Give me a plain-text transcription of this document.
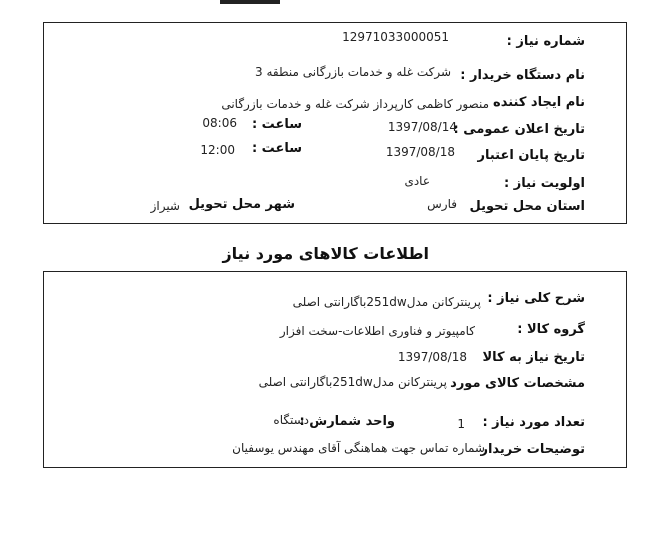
شماره نیاز :
12971033000051
نام دستگاه خریدار :
شرکت غله و خدمات بازرگانی منطقه 3
نام ایجاد کننده
منصور کاظمی کارپرداز شرکت غله و خدمات بازرگانی
تاریخ اعلان عمومی :
1397/08/14
ساعت :
08:06
تاریخ پایان اعتبار
1397/08/18
ساعت :
12:00
اولویت نیاز :
عادی
استان محل تحویل
فارس
شهر محل تحویل
شیراز
اطلاعات کالاهای مورد نیاز
شرح کلی نیاز :
پرینترکانن مدل251dwباگارانتی اصلی
گروه کالا :
کامپیوتر و فناوری اطلاعات-سخت افزار
تاریخ نیاز به کالا
1397/08/18
مشخصات کالای مورد
پرینترکانن مدل251dwباگارانتی اصلی
تعداد مورد نیاز :
1
واحد شمارش :
دستگاه
توضیحات خریدار
شماره تماس جهت هماهنگی آقای مهندس یوسفیان
